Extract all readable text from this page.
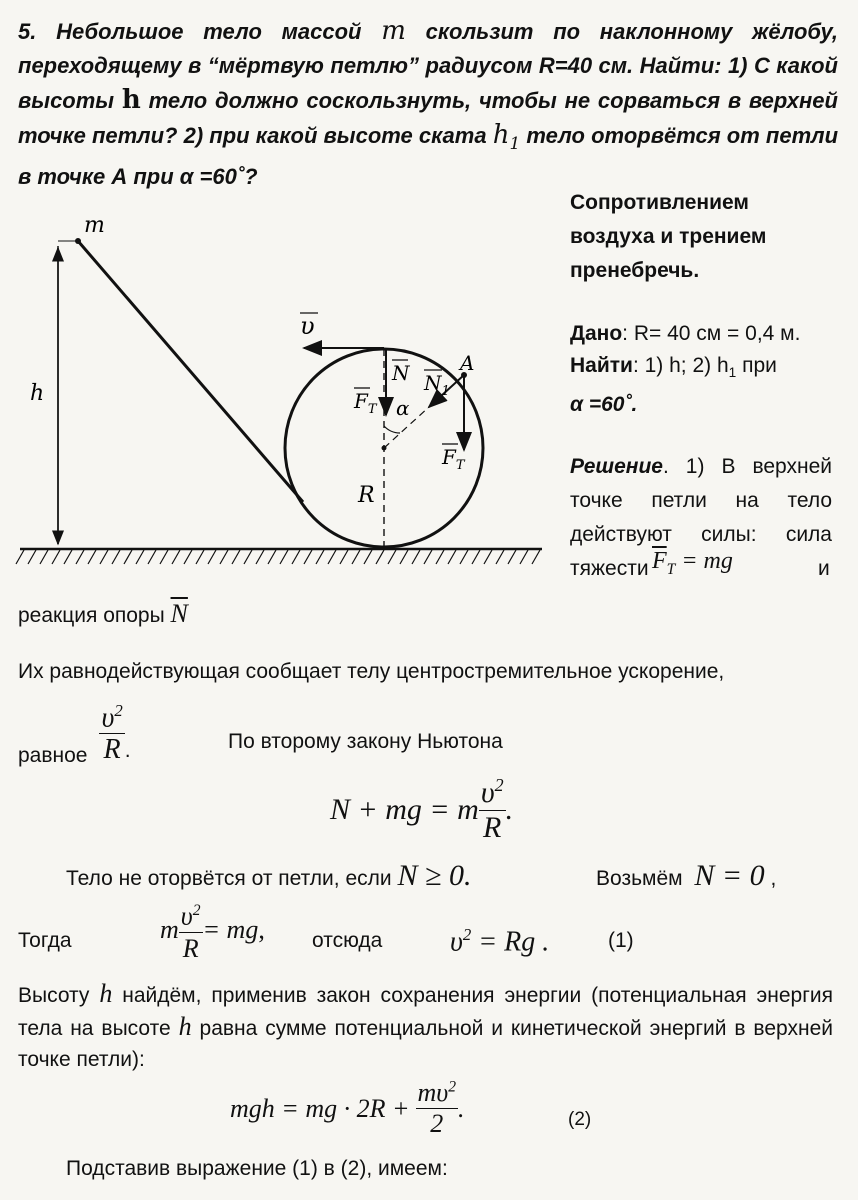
5. Небольшое тело массой m скользит по наклонному жёлобу, переходящему в “мёртвую петлю” радиусом R=40 см. Найти: 1) С какой высоты h тело должно соскользнуть, чтобы не сорваться в верхней точке петли? 2) при какой высоте ската $h_1$ тело оторвётся от петли в точке А при α =60˚?
m
h
R
υ
N
$F_T$
$N_1$
A
α
$F_T$
Сопротивлением
воздуха и трением
пренебречь.
Дано: R= 40 см = 0,4 м.
Найти: 1) h; 2) $h_1$ при
α =60˚.
Решение. 1) В верхней точке петли на тело действуют силы: сила тяжести $\overline{F}_T$ = mg	и
реакция опоры $\overline{N}$
Их равнодействующая сообщает телу центростремительное ускорение,
равное $\frac{\upsilon^2}{R}$ .	По второму закону Ньютона
N + mg = m $\frac{\upsilon^2}{R}$ .
Тело не оторвётся от петли, если N ≥ 0.	Возьмём N = 0 ,
Тогда	m $\frac{\upsilon^2}{R}$ = mg , отсюда $\upsilon^2 = Rg$ .	(1)
Высоту h найдём, применив закон сохранения энергии (потенциальная энергия тела на высоте h равна сумме потенциальной и кинетической энергий в верхней точке петли):
mgh = mg · $2R + \frac{m\upsilon^2}{2}$ .	(2)
Подставив выражение (1) в (2), имеем:
